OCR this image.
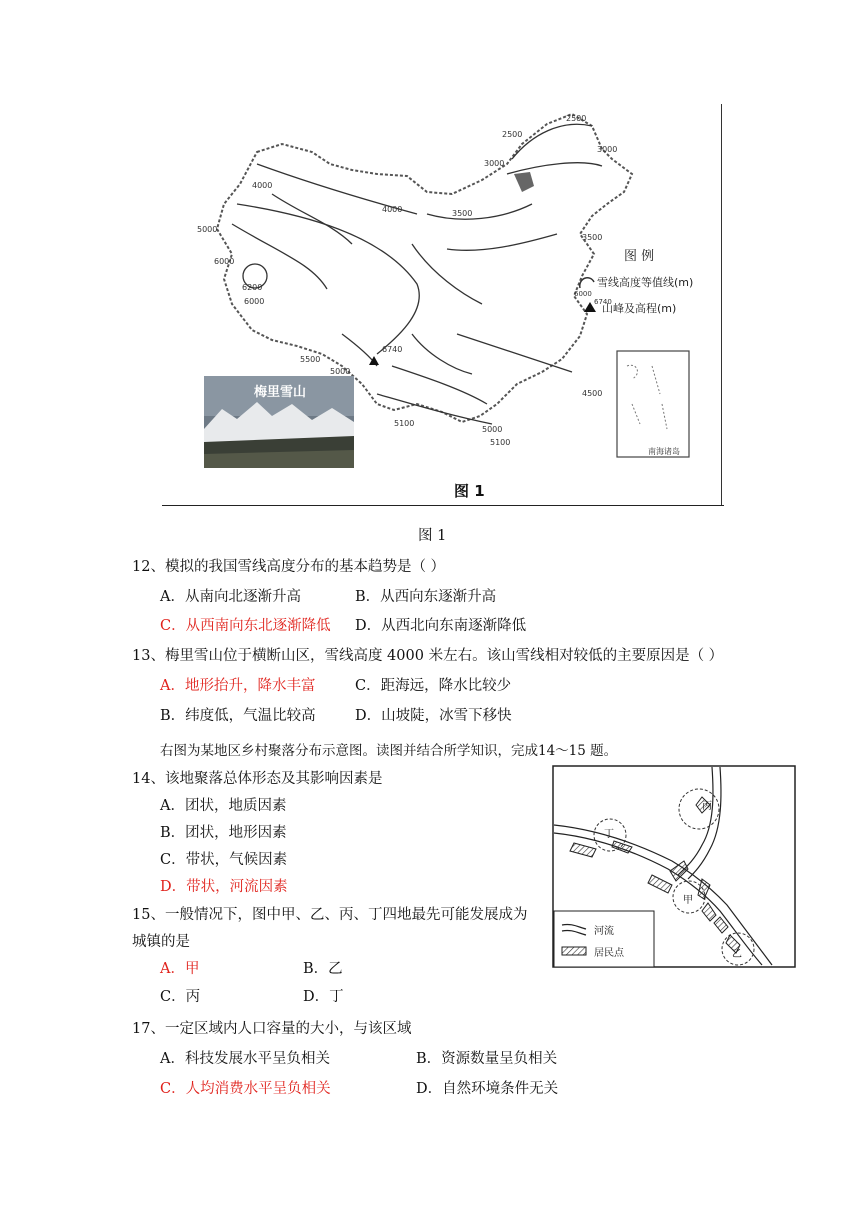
2500
2500
3000
3000
4000
4000	3500
3500
5000
6000
6200
6000
5500
5000
4500
5100
5000
5100
6740
图 例
雪线高度等值线(m)
6000
6740
山峰及高程(m)
南海诸岛
梅里雪山
图 1
图 1
12、模拟的我国雪线高度分布的基本趋势是（ ）
A．从南向北逐渐升高	B．从西向东逐渐升高
C．从西南向东北逐渐降低 D．从西北向东南逐渐降低
13、梅里雪山位于横断山区，雪线高度 4000 米左右。该山雪线相对较低的主要原因是（ ）
A．地形抬升，降水丰富	C．距海远，降水比较少
B．纬度低，气温比较高	D．山坡陡，冰雪下移快
右图为某地区乡村聚落分布示意图。读图并结合所学知识，完成14～15 题。
14、该地聚落总体形态及其影响因素是
A．团状，地质因素
B．团状，地形因素
C．带状，气候因素
D．带状，河流因素
15、一般情况下，图中甲、乙、丙、丁四地最先可能发展成为
城镇的是
A．甲	B．乙
C．丙	D．丁
丙
丁
甲
乙
河流
居民点
17、一定区域内人口容量的大小，与该区域
A．科技发展水平呈负相关	B．资源数量呈负相关
C．人均消费水平呈负相关	D．自然环境条件无关
